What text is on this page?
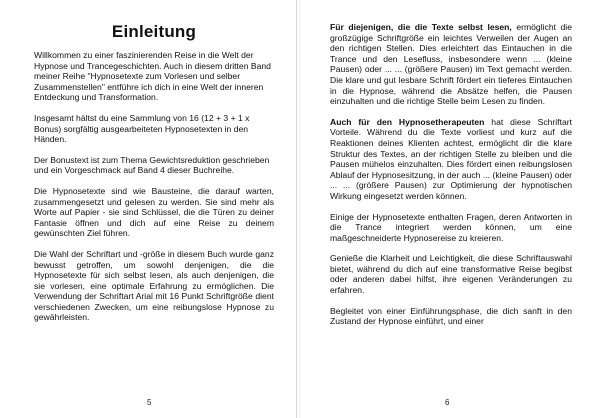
Einleitung

Willkommen zu einer faszinierenden Reise in die Welt der Hypnose und Trancegeschichten. Auch in diesem dritten Band meiner Reihe "Hypnosetexte zum Vorlesen und selber Zusammenstellen" entführe ich dich in eine Welt der inneren Entdeckung und Transformation.

Insgesamt hältst du eine Sammlung von 16 (12 + 3 + 1 x Bonus) sorgfältig ausgearbeiteten Hypnosetexten in den Händen.

Der Bonustext ist zum Thema Gewichtsreduktion geschrieben und ein Vorgeschmack auf Band 4 dieser Buchreihe.

Die Hypnosetexte sind wie Bausteine, die darauf warten, zusammengesetzt und gelesen zu werden. Sie sind mehr als Worte auf Papier - sie sind Schlüssel, die die Türen zu deiner Fantasie öffnen und dich auf eine Reise zu deinem gewünschten Ziel führen.

Die Wahl der Schriftart und -größe in diesem Buch wurde ganz bewusst getroffen, um sowohl denjenigen, die die Hypnosetexte für sich selbst lesen, als auch denjenigen, die sie vorlesen, eine optimale Erfahrung zu ermöglichen. Die Verwendung der Schriftart Arial mit 16 Punkt Schriftgröße dient verschiedenen Zwecken, um eine reibungslose Hypnose zu gewährleisten.

5

Für diejenigen, die die Texte selbst lesen, ermöglicht die großzügige Schriftgröße ein leichtes Verweilen der Augen an den richtigen Stellen. Dies erleichtert das Eintauchen in die Trance und den Lesefluss, insbesondere wenn ... (kleine Pausen) oder ... ... (größere Pausen) im Text gemacht werden. Die klare und gut lesbare Schrift fördert ein tieferes Eintauchen in die Hypnose, während die Absätze helfen, die Pausen einzuhalten und die richtige Stelle beim Lesen zu finden.

Auch für den Hypnosetherapeuten hat diese Schriftart Vorteile. Während du die Texte vorliest und kurz auf die Reaktionen deines Klienten achtest, ermöglicht dir die klare Struktur des Textes, an der richtigen Stelle zu bleiben und die Pausen mühelos einzuhalten. Dies fördert einen reibungslosen Ablauf der Hypnosesitzung, in der auch ... (kleine Pausen) oder ... ... (größere Pausen) zur Optimierung der hypnotischen Wirkung eingesetzt werden können.

Einige der Hypnosetexte enthalten Fragen, deren Antworten in die Trance integriert werden können, um eine maßgeschneiderte Hypnosereise zu kreieren.

Genieße die Klarheit und Leichtigkeit, die diese Schriftauswahl bietet, während du dich auf eine transformative Reise begibst oder anderen dabei hilfst, ihre eigenen Veränderungen zu erfahren.

Begleitet von einer Einführungsphase, die dich sanft in den Zustand der Hypnose einführt, und einer

6
